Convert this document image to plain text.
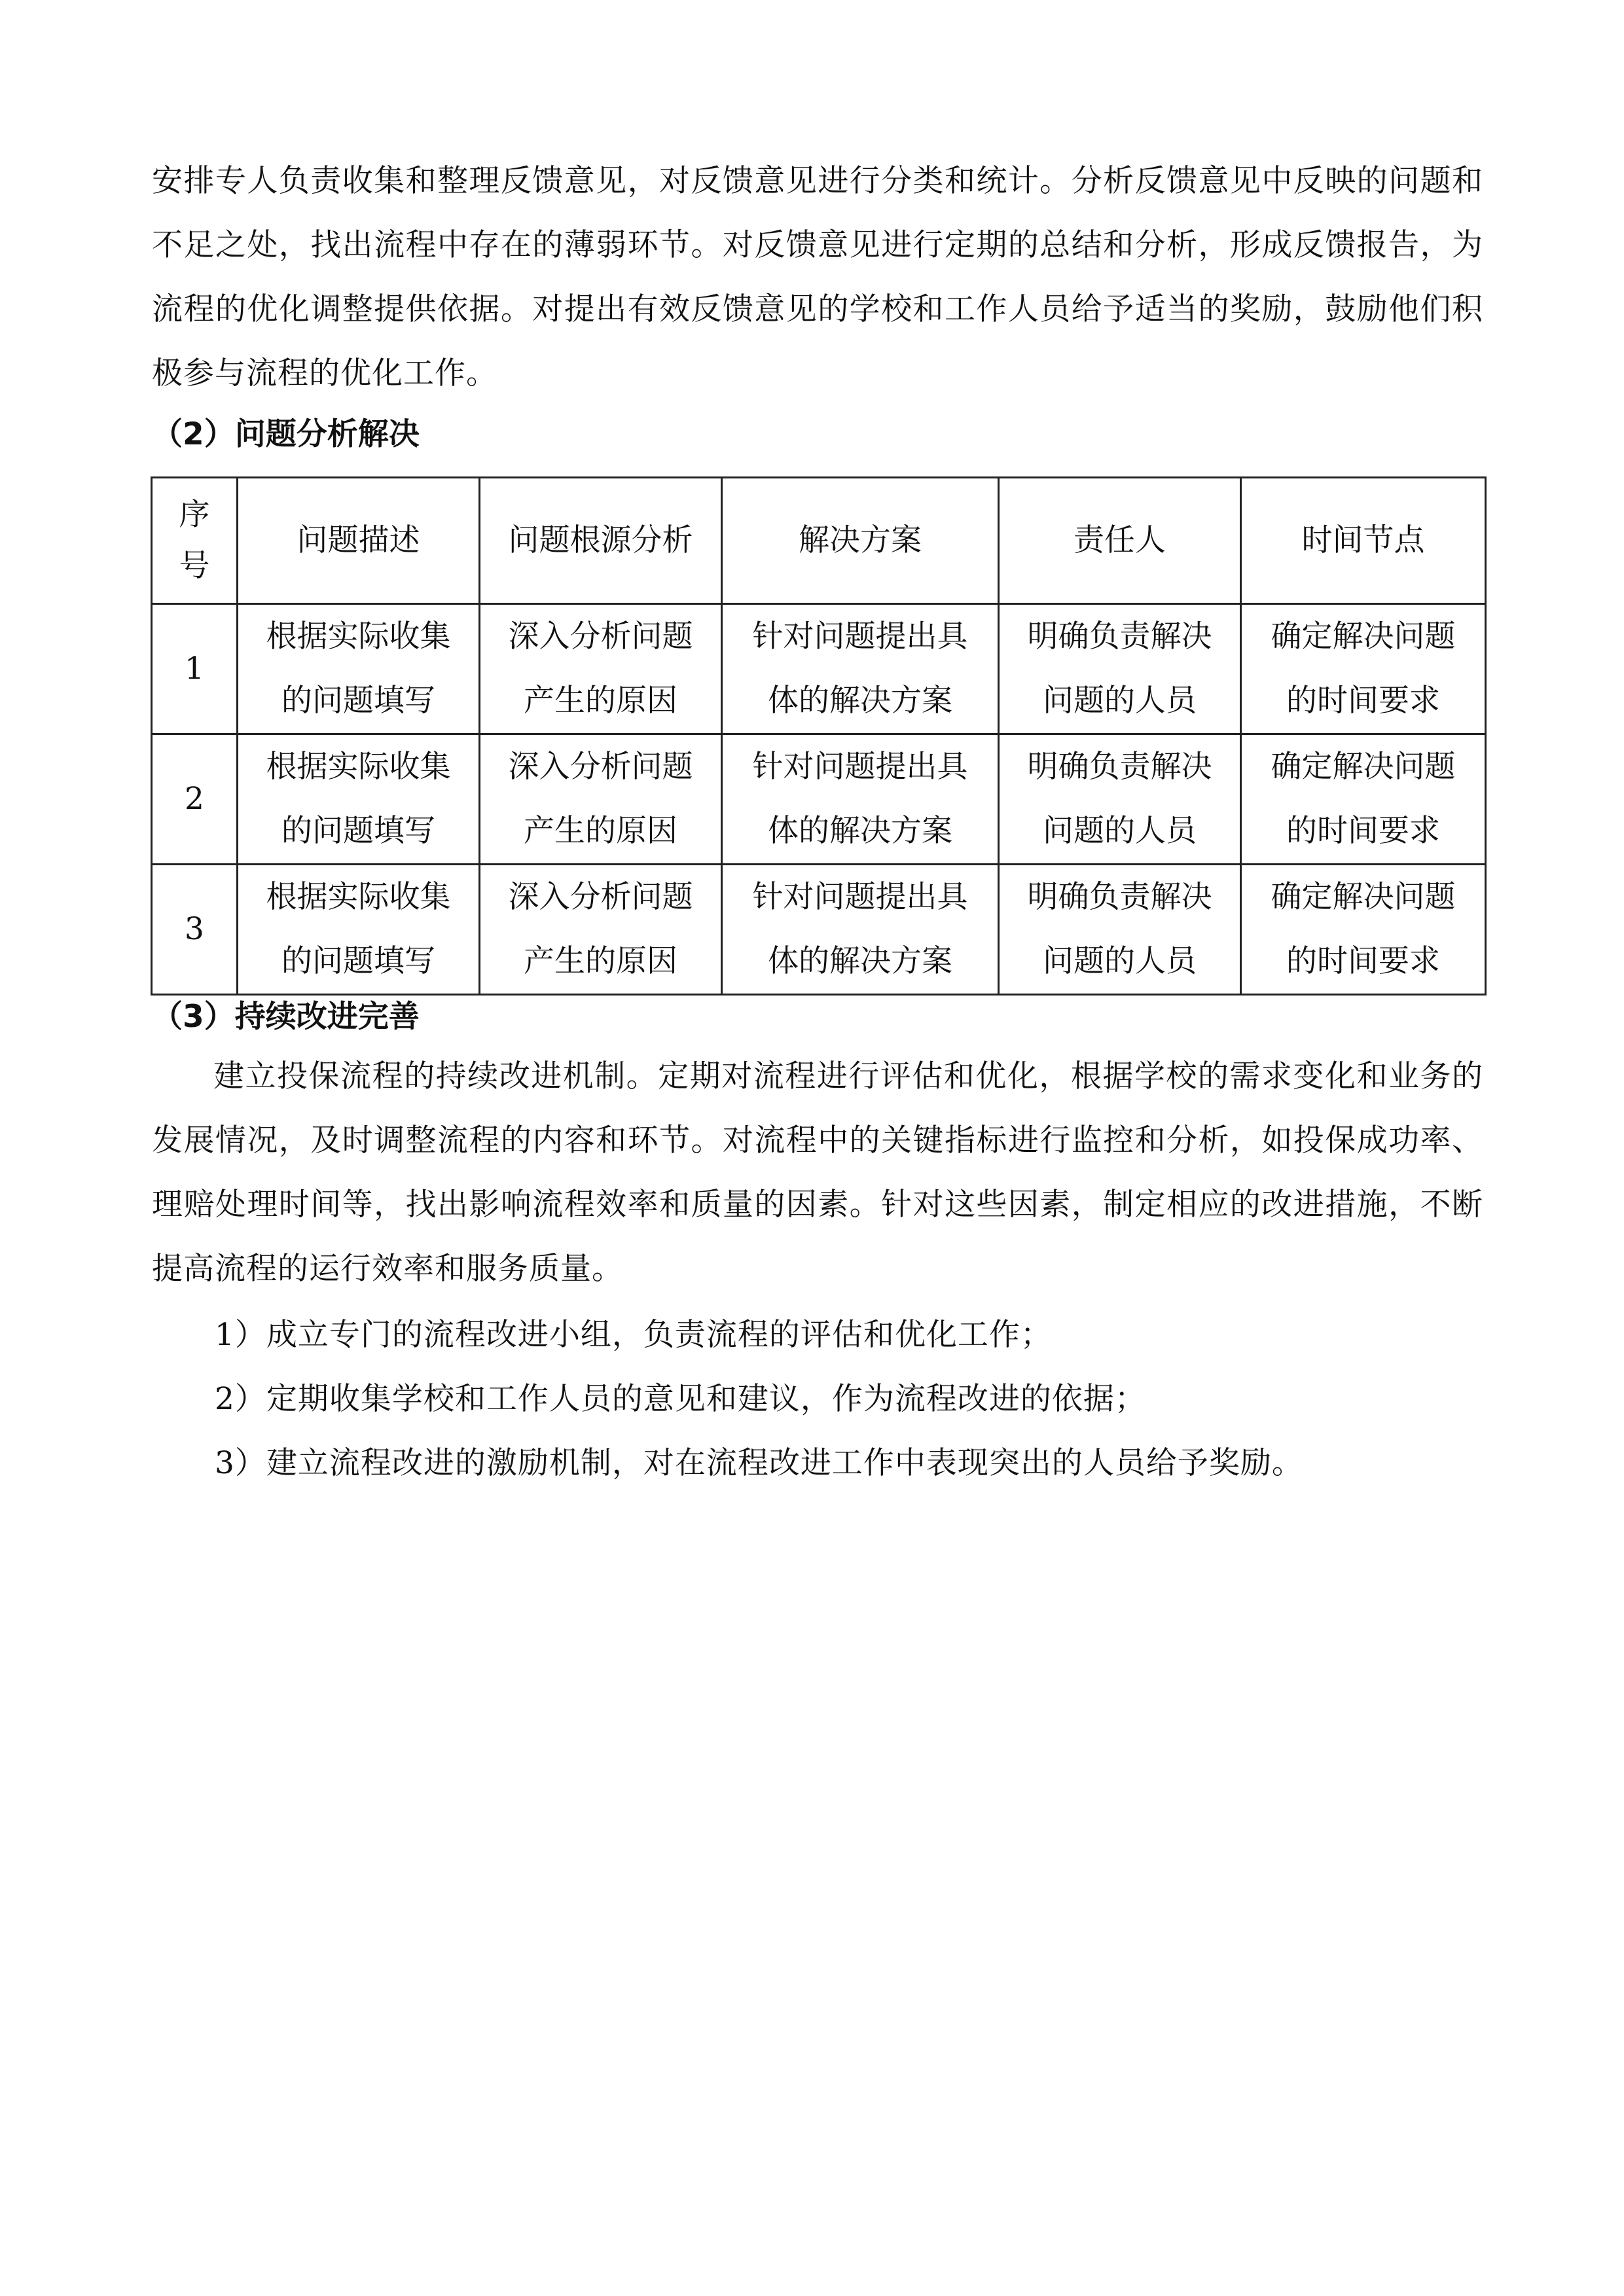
安排专人负责收集和整理反馈意见，对反馈意见进行分类和统计。分析反馈意见中反映的问题和不足之处，找出流程中存在的薄弱环节。对反馈意见进行定期的总结和分析，形成反馈报告，为流程的优化调整提供依据。对提出有效反馈意见的学校和工作人员给予适当的奖励，鼓励他们积极参与流程的优化工作。

（2）问题分析解决

序号	问题描述	问题根源分析	解决方案	责任人	时间节点
1	根据实际收集的问题填写	深入分析问题产生的原因	针对问题提出具体的解决方案	明确负责解决问题的人员	确定解决问题的时间要求
2	根据实际收集的问题填写	深入分析问题产生的原因	针对问题提出具体的解决方案	明确负责解决问题的人员	确定解决问题的时间要求
3	根据实际收集的问题填写	深入分析问题产生的原因	针对问题提出具体的解决方案	明确负责解决问题的人员	确定解决问题的时间要求

（3）持续改进完善

建立投保流程的持续改进机制。定期对流程进行评估和优化，根据学校的需求变化和业务的发展情况，及时调整流程的内容和环节。对流程中的关键指标进行监控和分析，如投保成功率、理赔处理时间等，找出影响流程效率和质量的因素。针对这些因素，制定相应的改进措施，不断提高流程的运行效率和服务质量。

1）成立专门的流程改进小组，负责流程的评估和优化工作；

2）定期收集学校和工作人员的意见和建议，作为流程改进的依据；

3）建立流程改进的激励机制，对在流程改进工作中表现突出的人员给予奖励。
